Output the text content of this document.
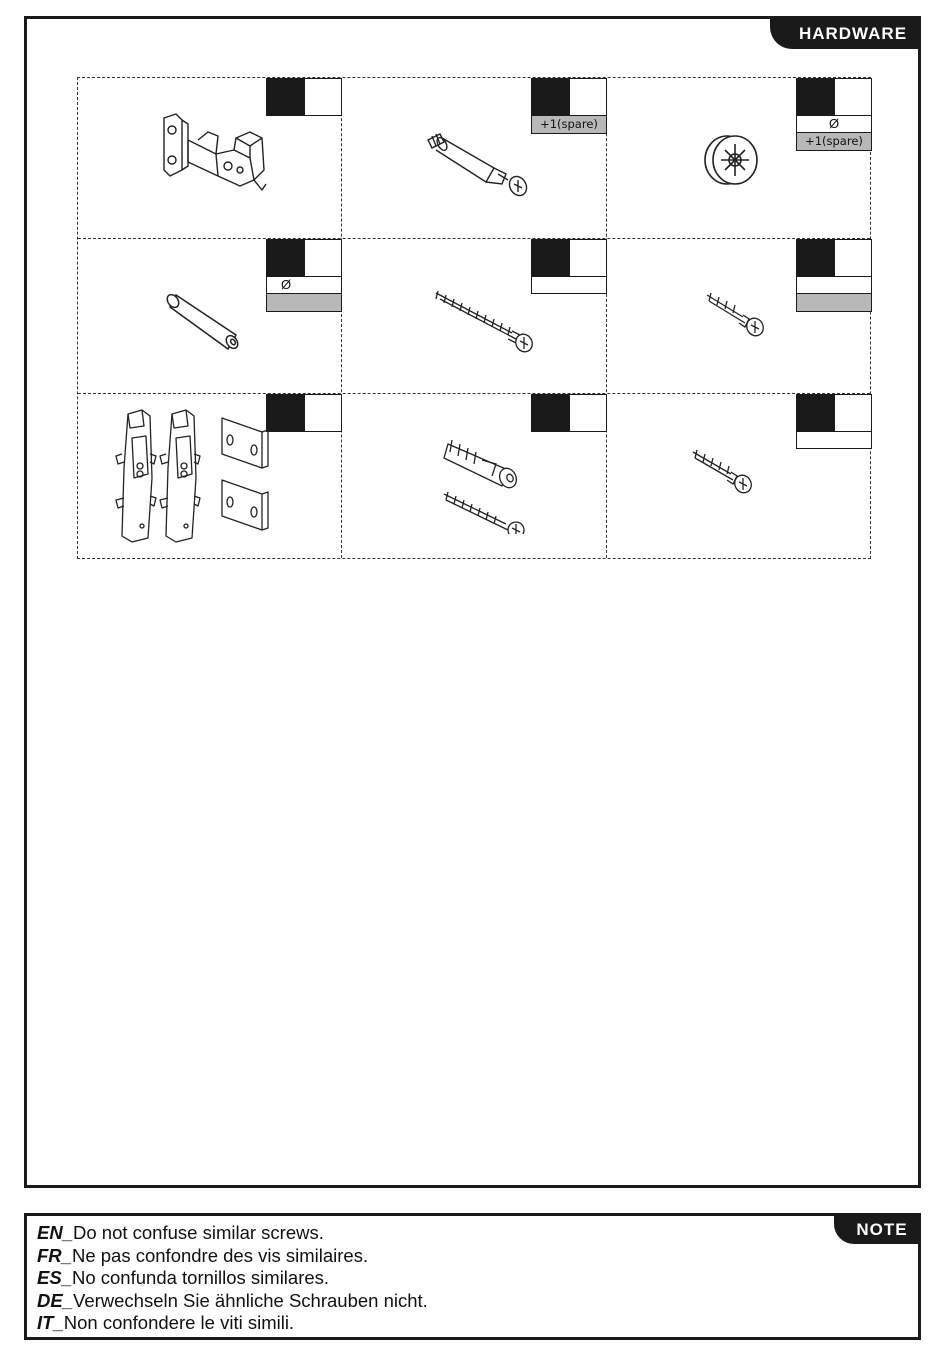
HARDWARE
+1(spare)	Ø
+1(spare)
Ø
NOTE
EN_Do not confuse similar screws.
FR_Ne pas confondre des vis similaires.
ES_No confunda tornillos similares.
DE_Verwechseln Sie ähnliche Schrauben nicht.
IT_Non confondere le viti simili.
